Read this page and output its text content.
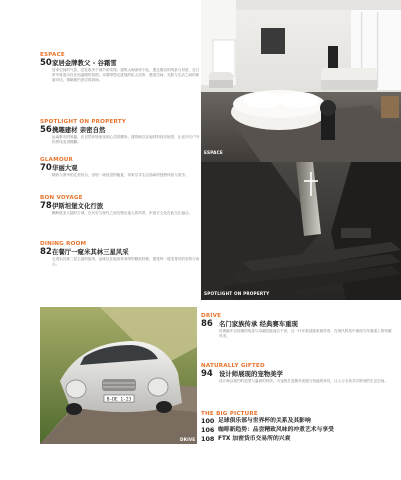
ESPACE
50 家居金牌教父 - 谷霜雪
居家空间的气质，往往取决于细节的安排。建筑大师深谙于此，透过简洁的线条与材质，在日常中营造出自在而温暖的氛围。本期带您走进他的私人居所，感受空间、光影与生活之间的和谐对话，领略简约美学的真谛。
SPOTLIGHT ON PROPERTY
56 携趣建材 亲密自然
远离都市的喧嚣，在自然环境里找到心灵的栖所。建筑师以在地材料回应地景，让室内与户外的界线变得模糊。
GLAMOUR
70 华丽大观
精致与奢华的完美结合，呈现一场视觉的飨宴，带来尽享生活品味的独特体验与美学。
BON VOYAGE
78 伊斯坦堡文化行旅
横跨欧亚大陆的古城，在历史与现代之间交错出迷人的风景，东西方文化在此交汇融合。
DINING ROOM
82 在餐厅一窥米其林三星风采
走进米其林三星主厨的厨房，品味以在地食材演绎的精致料理，感受每一道菜背后的坚持与用心。
ESPACE
SPOTLIGHT ON PROPERTY
B-DE 1-23
DRIVE
DRIVE
86 名门家族传承 经典赛车重现
经典跑车以优雅的线条与卓越性能闻名于世，这一代车款延续家族传奇，在现代科技中重现当年赛道上的荣耀风采。
NATURALLY GIFTED
94 设计师展现的宠物美学
设计师以简约的造型与温润的材质，为宠物打造兼具美感与机能的家具，让人与毛孩共享舒适的生活空间。
THE BIG PICTURE
100 足球俱乐部与世界杯的关系及其影响
106 咖啡新趋势：品尝精致风味的冲煮艺术与享受
108 FTX 加密货币交易所的兴衰
